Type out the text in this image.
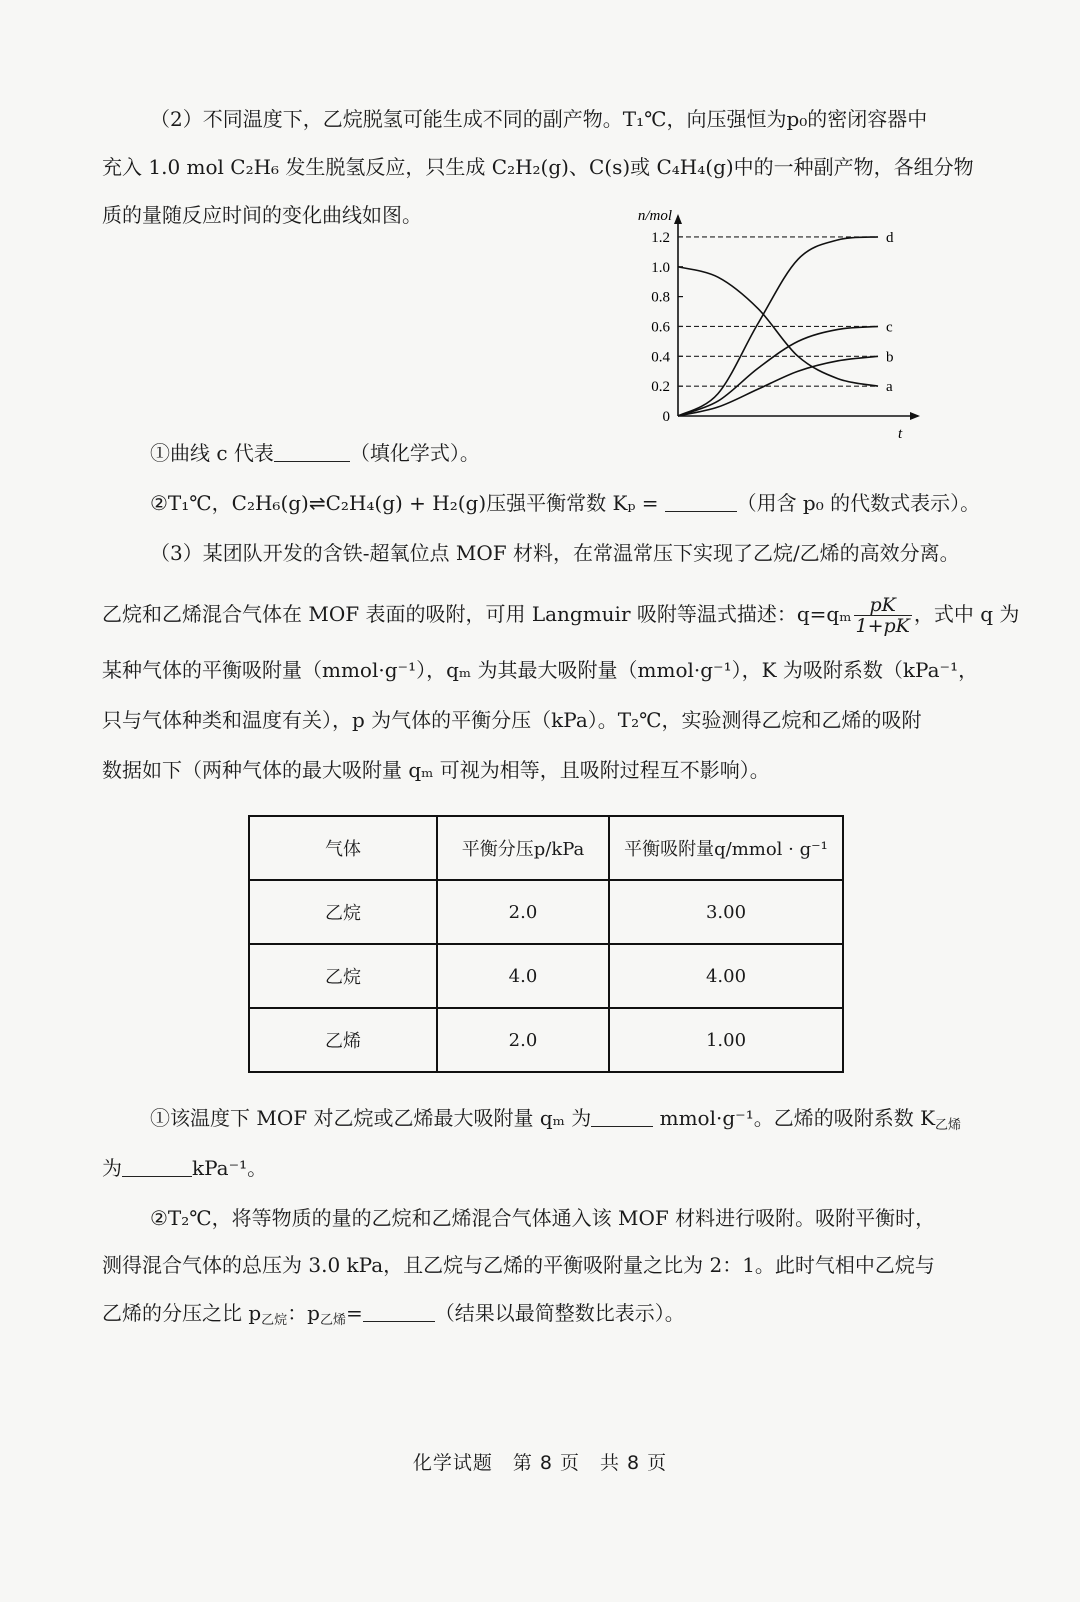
（2）不同温度下，乙烷脱氢可能生成不同的副产物。T₁℃，向压强恒为p₀的密闭容器中
充入 1.0 mol C₂H₆ 发生脱氢反应，只生成 C₂H₂(g)、C(s)或 C₄H₄(g)中的一种副产物，各组分物
质的量随反应时间的变化曲线如图。
0
0.2
0.4
0.6
0.8
1.0
1.2
n/mol
t
a
b
c
d
①曲线 c 代表	（填化学式）。
②T₁℃，C₂H₆(g)⇌C₂H₄(g) + H₂(g)压强平衡常数 Kₚ =	（用含 p₀ 的代数式表示）。
（3）某团队开发的含铁-超氧位点 MOF 材料，在常温常压下实现了乙烷/乙烯的高效分离。
乙烷和乙烯混合气体在 MOF 表面的吸附，可用 Langmuir 吸附等温式描述：$q=q_m \frac{pK}{1+pK}$ ，式中 q 为
某种气体的平衡吸附量（mmol·g⁻¹），qₘ 为其最大吸附量（mmol·g⁻¹），K 为吸附系数（kPa⁻¹，
只与气体种类和温度有关），p 为气体的平衡分压（kPa）。T₂℃，实验测得乙烷和乙烯的吸附
数据如下（两种气体的最大吸附量 qₘ 可视为相等，且吸附过程互不影响）。
气体	平衡分压p/kPa	平衡吸附量q/mmol · g⁻¹
乙烷	2.0	3.00
乙烷	4.0	4.00
乙烯	2.0	1.00
①该温度下 MOF 对乙烷或乙烯最大吸附量 qₘ 为	mmol·g⁻¹。乙烯的吸附系数 $K_{乙烯}$
为	kPa⁻¹。
②T₂℃，将等物质的量的乙烷和乙烯混合气体通入该 MOF 材料进行吸附。吸附平衡时，
测得混合气体的总压为 3.0 kPa，且乙烷与乙烯的平衡吸附量之比为 2：1。此时气相中乙烷与
乙烯的分压之比 $p_{乙烷}$：$p_{乙烯}=$	（结果以最简整数比表示）。
化学试题　第 8 页　共 8 页
